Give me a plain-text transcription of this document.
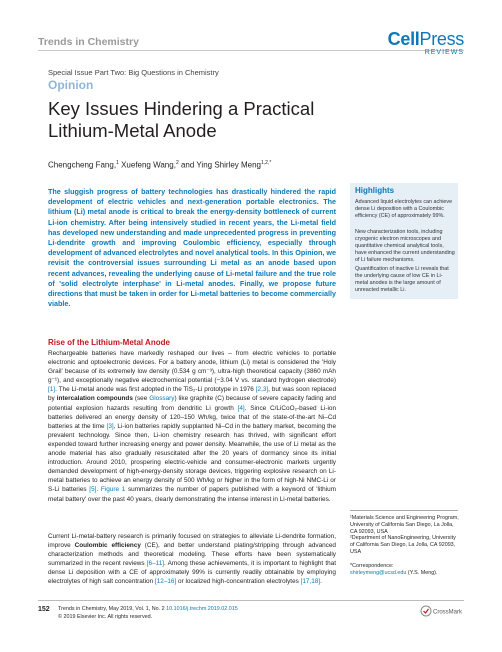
Trends in Chemistry	CellPress
REVIEWS
Special Issue Part Two: Big Questions in Chemistry
Opinion
Key Issues Hindering a Practical
Lithium-Metal Anode
Chengcheng Fang,$^1$ Xuefeng Wang,$^2$ and Ying Shirley Meng$^{1,2,*}$
The sluggish progress of battery technologies has drastically hindered the rapid development of electric vehicles and next-generation portable electronics. The lithium (Li) metal anode is critical to break the energy-density bottleneck of current Li-ion chemistry. After being intensively studied in recent years, the Li-metal field has developed new understanding and made unprecedented progress in preventing Li-dendrite growth and improving Coulombic efficiency, especially through development of advanced electrolytes and novel analytical tools. In this Opinion, we revisit the controversial issues surrounding Li metal as an anode based upon recent advances, revealing the underlying cause of Li-metal failure and the true role of 'solid electrolyte interphase' in Li-metal anodes. Finally, we propose future directions that must be taken in order for Li-metal batteries to become commercially viable.
Highlights
Advanced liquid electrolytes can achieve dense Li deposition with a Coulombic efficiency (CE) of approximately 99%.
New characterization tools, including cryogenic electron microscopes and quantitative chemical analytical tools, have enhanced the current understanding of Li failure mechanisms.
Quantification of inactive Li reveals that the underlying cause of low CE in Li-metal anodes is the large amount of unreacted metallic Li.
Rise of the Lithium-Metal Anode
Rechargeable batteries have markedly reshaped our lives – from electric vehicles to portable electronic and optoelectronic devices. For a battery anode, lithium (Li) metal is considered the 'Holy Grail' because of its extremely low density (0.534 g cm⁻³), ultra-high theoretical capacity (3860 mAh g⁻¹), and exceptionally negative electrochemical potential (−3.04 V vs. standard hydrogen electrode) [1]. The Li-metal anode was first adopted in the TiS₂-Li prototype in 1976 [2,3], but was soon replaced by intercalation compounds (see Glossary) like graphite (C) because of severe capacity fading and potential explosion hazards resulting from dendritic Li growth [4]. Since C/LiCoO₂-based Li-ion batteries delivered an energy density of 120–150 Wh/kg, twice that of the state-of-the-art Ni–Cd batteries at the time [3], Li-ion batteries rapidly supplanted Ni–Cd in the battery market, becoming the prevalent technology. Since then, Li-ion chemistry research has thrived, with significant effort expended toward further increasing energy and power density. Meanwhile, the use of Li metal as the anode material has also gradually resuscitated after the 20 years of dormancy since its initial introduction. Around 2010, prospering electric-vehicle and consumer-electronic markets urgently demanded development of high-energy-density storage devices, triggering explosive research on Li-metal batteries to achieve an energy density of 500 Wh/kg or higher in the form of high-Ni NMC-Li or S-Li batteries [5]. Figure 1 summarizes the number of papers published with a keyword of 'lithium metal battery' over the past 40 years, clearly demonstrating the intense interest in Li-metal batteries.
Current Li-metal-battery research is primarily focused on strategies to alleviate Li-dendrite formation, improve Coulombic efficiency (CE), and better understand plating/stripping through advanced characterization methods and theoretical modeling. These efforts have been systematically summarized in the recent reviews [6–11]. Among these achievements, it is important to highlight that dense Li deposition with a CE of approximately 99% is currently readily obtainable by employing electrolytes of high salt concentration [12–16] or localized high-concentration electrolytes [17,18].
¹Materials Science and Engineering Program, University of California San Diego, La Jolla, CA 92093, USA
²Department of NanoEngineering, University of California San Diego, La Jolla, CA 92093, USA
*Correspondence:
shirleymeng@ucsd.edu (Y.S. Meng).
152 Trends in Chemistry, May 2019, Vol. 1, No. 2 10.1016/j.trechm.2019.02.015
© 2019 Elsevier Inc. All rights reserved.
CrossMark
